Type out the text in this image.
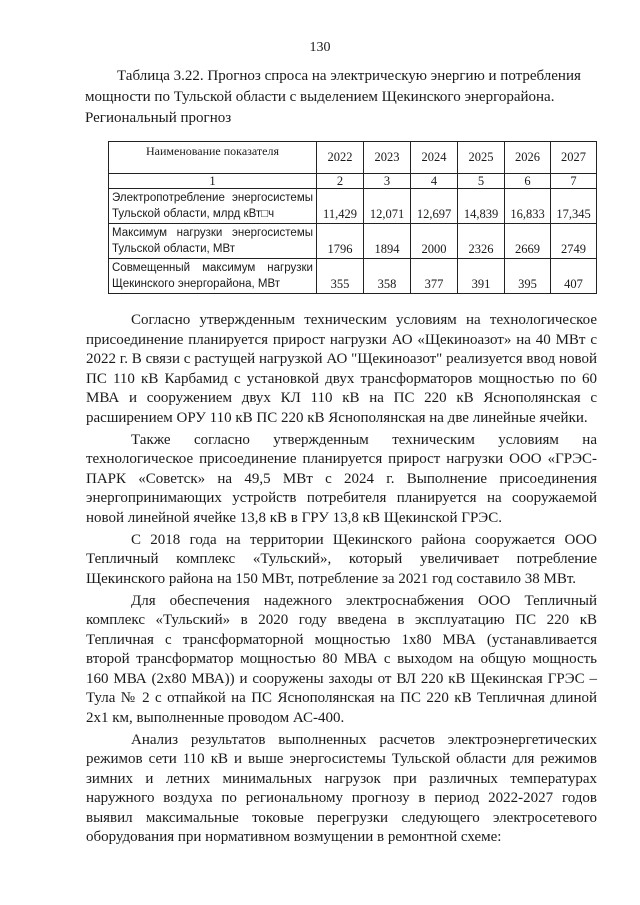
130
Таблица 3.22. Прогноз спроса на электрическую энергию и потребления
мощности по Тульской области с выделением Щекинского энергорайона.
Региональный прогноз
Наименование показателя	2022	2023	2024	2025	2026	2027
1	2	3	4	5	6	7
Электропотребление энергосистемы Тульской области, млрд кВт□ч	11,429	12,071	12,697	14,839	16,833	17,345
Максимум нагрузки энергосистемы Тульской области, МВт	1796	1894	2000	2326	2669	2749
Совмещенный максимум нагрузки Щекинского энергорайона, МВт	355	358	377	391	395	407

Согласно утвержденным техническим условиям на технологическое присоединение планируется прирост нагрузки АО «Щекиноазот» на 40 МВт с 2022 г. В связи с растущей нагрузкой АО "Щекиноазот" реализуется ввод новой ПС 110 кВ Карбамид с установкой двух трансформаторов мощностью по 60 МВА и сооружением двух КЛ 110 кВ на ПС 220 кВ Яснополянская с расширением ОРУ 110 кВ ПС 220 кВ Яснополянская на две линейные ячейки.

Также согласно утвержденным техническим условиям на технологическое присоединение планируется прирост нагрузки ООО «ГРЭС-ПАРК «Советск» на 49,5 МВт с 2024 г. Выполнение присоединения энергопринимающих устройств потребителя планируется на сооружаемой новой линейной ячейке 13,8 кВ в ГРУ 13,8 кВ Щекинской ГРЭС.

С 2018 года на территории Щекинского района сооружается ООО Тепличный комплекс «Тульский», который увеличивает потребление Щекинского района на 150 МВт, потребление за 2021 год составило 38 МВт.

Для обеспечения надежного электроснабжения ООО Тепличный комплекс «Тульский» в 2020 году введена в эксплуатацию ПС 220 кВ Тепличная с трансформаторной мощностью 1х80 МВА (устанавливается второй трансформатор мощностью 80 МВА с выходом на общую мощность 160 МВА (2х80 МВА)) и сооружены заходы от ВЛ 220 кВ Щекинская ГРЭС – Тула № 2 с отпайкой на ПС Яснополянская на ПС 220 кВ Тепличная длиной 2х1 км, выполненные проводом АС-400.

Анализ результатов выполненных расчетов электроэнергетических режимов сети 110 кВ и выше энергосистемы Тульской области для режимов зимних и летних минимальных нагрузок при различных температурах наружного воздуха по региональному прогнозу в период 2022-2027 годов выявил максимальные токовые перегрузки следующего электросетевого оборудования при нормативном возмущении в ремонтной схеме:
